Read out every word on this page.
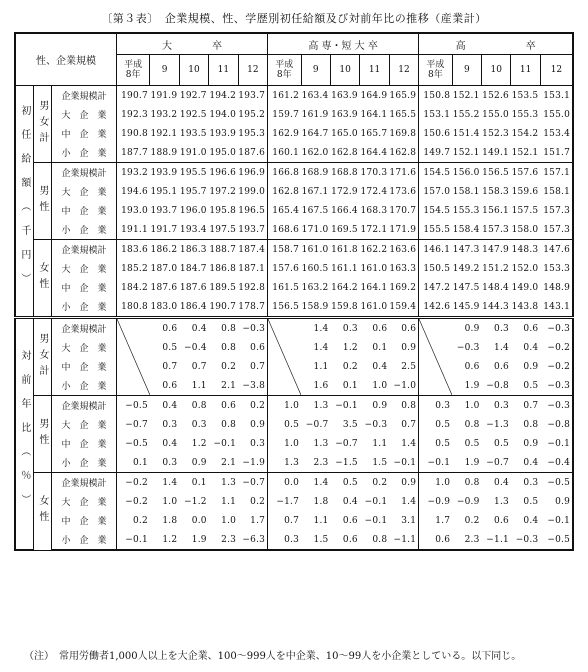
〔第３表〕　企業規模、性、学歴別初任給額及び対前年比の推移（産業計）
性、企業規模			大　　　　卒					高 専・短 大 卒					高　　　　　　卒				
			平成
8年	9	10	11	12	平成
8年	9	10	11	12	平成
8年	9	10	11	12

初任給額（千円）	男女計	企業規模計	190.7	191.9	192.7	194.2	193.7	161.2	163.4	163.9	164.9	165.9	150.8	152.1	152.6	153.5	153.1
		大　企　業	192.3	193.2	192.5	194.0	195.2	159.7	161.9	163.9	164.1	165.5	153.1	155.2	155.0	155.3	155.0
		中　企　業	190.8	192.1	193.5	193.9	195.3	162.9	164.7	165.0	165.7	169.8	150.6	151.4	152.3	154.2	153.4
		小　企　業	187.7	188.9	191.0	195.0	187.6	160.1	162.0	162.8	164.4	162.8	149.7	152.1	149.1	152.1	151.7

	男性	企業規模計	193.2	193.9	195.5	196.6	196.9	166.8	168.9	168.8	170.3	171.6	154.5	156.0	156.5	157.6	157.1
		大　企　業	194.6	195.1	195.7	197.2	199.0	162.8	167.1	172.9	172.4	173.6	157.0	158.1	158.3	159.6	158.1
		中　企　業	193.0	193.7	196.0	195.8	196.5	165.4	167.5	166.4	168.3	170.7	154.5	155.3	156.1	157.5	157.3
		小　企　業	191.1	191.7	193.4	197.5	193.7	168.6	171.0	169.5	172.1	171.9	155.5	158.4	157.3	158.0	157.3

	女性	企業規模計	183.6	186.2	186.3	188.7	187.4	158.7	161.0	161.8	162.2	163.6	146.1	147.3	147.9	148.3	147.6
		大　企　業	185.2	187.0	184.7	186.8	187.1	157.6	160.5	161.1	161.0	163.3	150.5	149.2	151.2	152.0	153.3
		中　企　業	184.2	187.6	187.6	189.5	192.8	161.5	163.2	164.2	164.1	169.2	147.2	147.5	148.4	149.0	148.9
		小　企　業	180.8	183.0	186.4	190.7	178.7	156.5	158.9	159.8	161.0	159.4	142.6	145.9	144.3	143.8	143.1

対前年比（％）	男女計	企業規模計		0.6	0.4	0.8	−0.3		1.4	0.3	0.6	0.6		0.9	0.3	0.6	−0.3
		大　企　業		0.5	−0.4	0.8	0.6		1.4	1.2	0.1	0.9		−0.3	1.4	0.4	−0.2
		中　企　業		0.7	0.7	0.2	0.7		1.1	0.2	0.4	2.5		0.6	0.6	0.9	−0.2
		小　企　業		0.6	1.1	2.1	−3.8		1.6	0.1	1.0	−1.0		1.9	−0.8	0.5	−0.3

	男性	企業規模計	−0.5	0.4	0.8	0.6	0.2	1.0	1.3	−0.1	0.9	0.8	0.3	1.0	0.3	0.7	−0.3
		大　企　業	−0.7	0.3	0.3	0.8	0.9	0.5	−0.7	3.5	−0.3	0.7	0.5	0.8	−1.3	0.8	−0.8
		中　企　業	−0.5	0.4	1.2	−0.1	0.3	1.0	1.3	−0.7	1.1	1.4	0.5	0.5	0.5	0.9	−0.1
		小　企　業	0.1	0.3	0.9	2.1	−1.9	1.3	2.3	−1.5	1.5	−0.1	−0.1	1.9	−0.7	0.4	−0.4

	女性	企業規模計	−0.2	1.4	0.1	1.3	−0.7	0.0	1.4	0.5	0.2	0.9	1.0	0.8	0.4	0.3	−0.5
		大　企　業	−0.2	1.0	−1.2	1.1	0.2	−1.7	1.8	0.4	−0.1	1.4	−0.9	−0.9	1.3	0.5	0.9
		中　企　業	0.2	1.8	0.0	1.0	1.7	0.7	1.1	0.6	−0.1	3.1	1.7	0.2	0.6	0.4	−0.1
		小　企　業	−0.1	1.2	1.9	2.3	−6.3	0.3	1.5	0.6	0.8	−1.1	0.6	2.3	−1.1	−0.3	−0.5
（注）　常用労働者1,000人以上を大企業、100〜999人を中企業、10〜99人を小企業としている。以下同じ。
